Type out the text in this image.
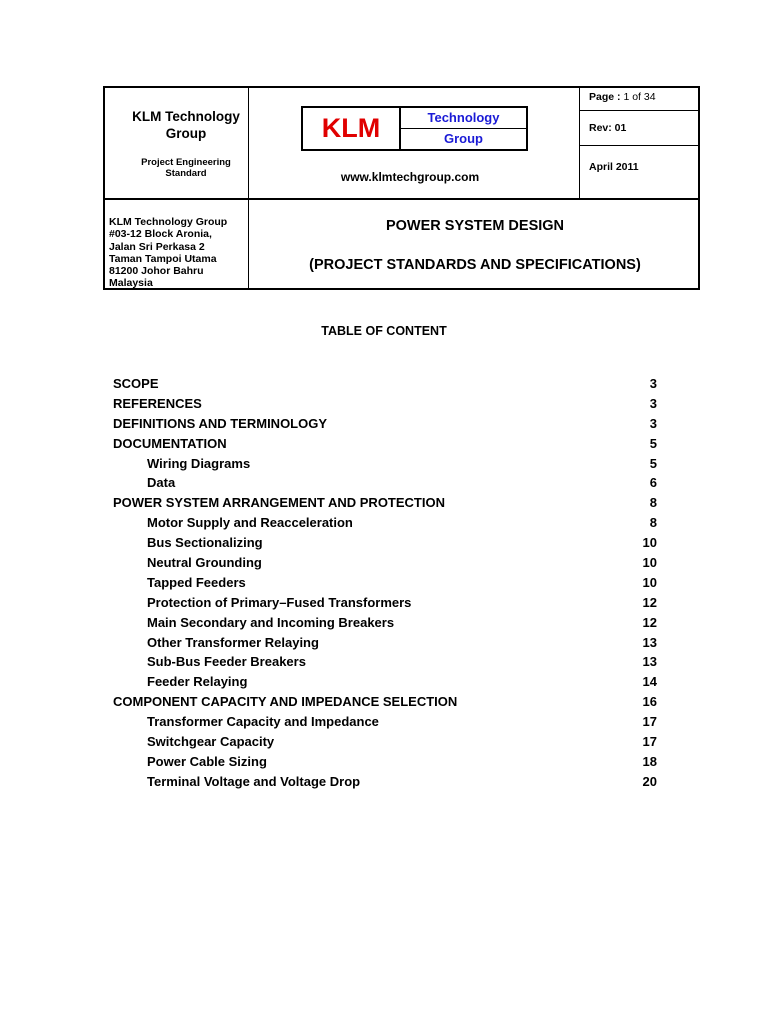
KLM Technology
Group
Project Engineering
Standard
KLM	Technology
Group
www.klmtechgroup.com
Page : 1 of 34
Rev: 01
April 2011
KLM Technology Group
#03-12 Block Aronia,
Jalan Sri Perkasa 2
Taman Tampoi Utama
81200 Johor Bahru
Malaysia
POWER SYSTEM DESIGN
(PROJECT STANDARDS AND SPECIFICATIONS)
TABLE OF CONTENT
SCOPE	3
REFERENCES	3
DEFINITIONS AND TERMINOLOGY	3
DOCUMENTATION	5
Wiring Diagrams	5
Data	6
POWER SYSTEM ARRANGEMENT AND PROTECTION	8
Motor Supply and Reacceleration	8
Bus Sectionalizing	10
Neutral Grounding	10
Tapped Feeders	10
Protection of Primary–Fused Transformers	12
Main Secondary and Incoming Breakers	12
Other Transformer Relaying	13
Sub-Bus Feeder Breakers	13
Feeder Relaying	14
COMPONENT CAPACITY AND IMPEDANCE SELECTION	16
Transformer Capacity and Impedance	17
Switchgear Capacity	17
Power Cable Sizing	18
Terminal Voltage and Voltage Drop	20
